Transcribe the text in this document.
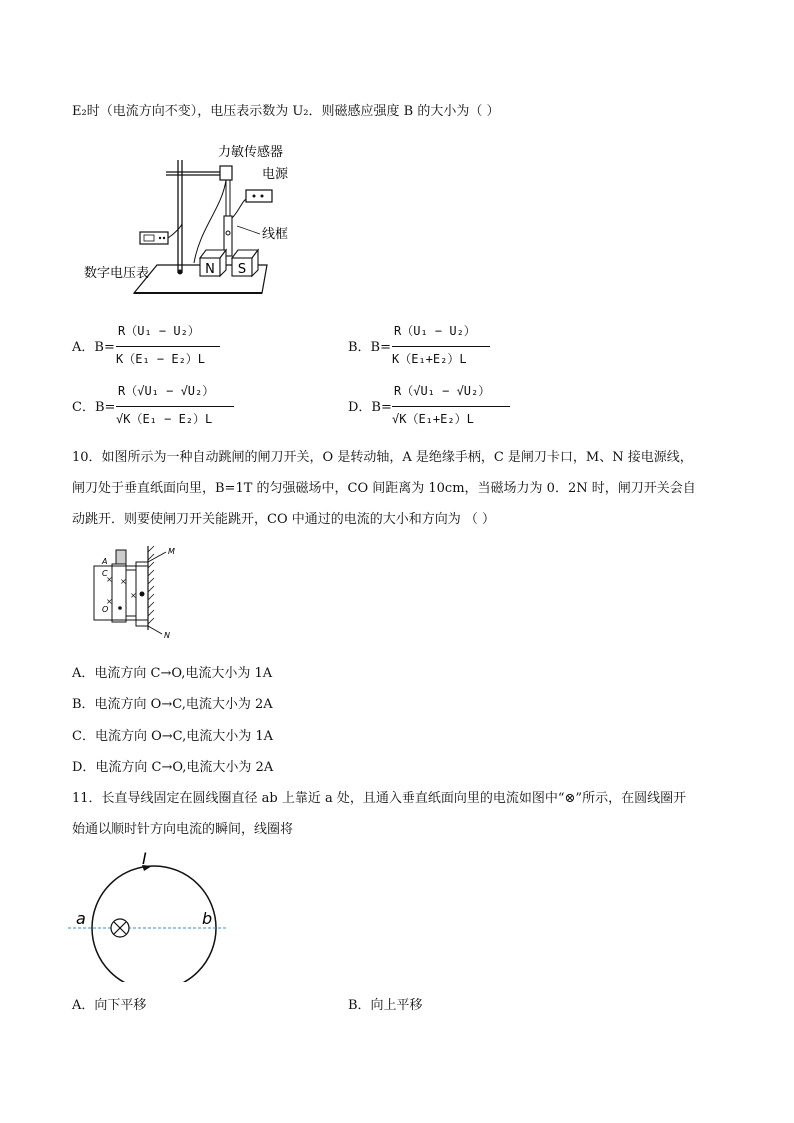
E₂时（电流方向不变），电压表示数为 U₂．则磁感应强度 B 的大小为（ ）
N S
力敏传感器
电源
线框
数字电压表
A．B=
R（U₁ − U₂）
K（E₁ − E₂）L
B．B=
R（U₁ − U₂）
K（E₁+E₂）L
C．B=
R（√U₁ − √U₂）
√K（E₁ − E₂）L
D．B=
R（√U₁ − √U₂）
√K（E₁+E₂）L
10．如图所示为一种自动跳闸的闸刀开关，O 是转动轴，A 是绝缘手柄，C 是闸刀卡口，M、N 接电源线，
闸刀处于垂直纸面向里，B=1T 的匀强磁场中，CO 间距离为 10cm，当磁场力为 0．2N 时，闸刀开关会自
动跳开．则要使闸刀开关能跳开，CO 中通过的电流的大小和方向为 （ ）
× ×
×
×
M
N
A
C
O
A．电流方向 C→O,电流大小为 1A
B．电流方向 O→C,电流大小为 2A
C．电流方向 O→C,电流大小为 1A
D．电流方向 C→O,电流大小为 2A
11．长直导线固定在圆线圈直径 ab 上靠近 a 处，且通入垂直纸面向里的电流如图中“⊗”所示，在圆线圈开
始通以顺时针方向电流的瞬间，线圈将
I
a	b
A．向下平移	B．向上平移
